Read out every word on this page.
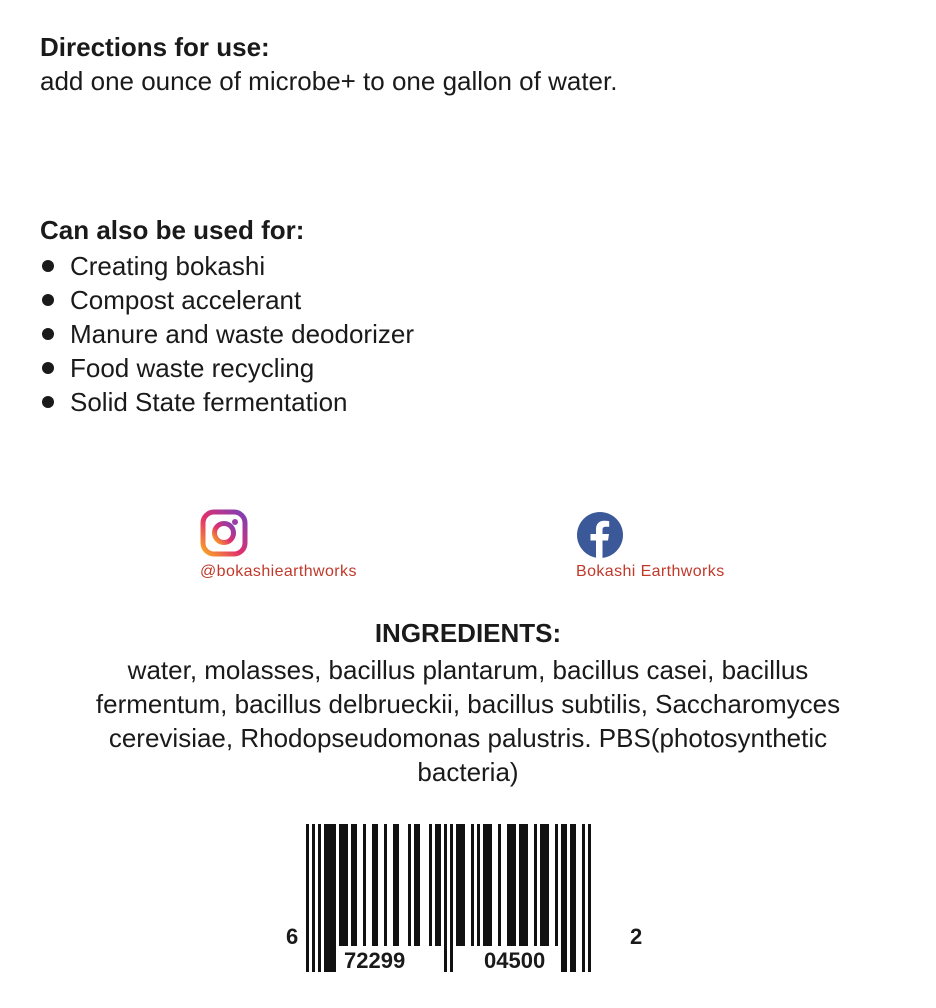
Directions for use:
add one ounce of microbe+ to one gallon of water.
Can also be used for:
Creating bokashi
Compost accelerant
Manure and waste deodorizer
Food waste recycling
Solid State fermentation
@bokashiearthworks	Bokashi Earthworks
INGREDIENTS:
water, molasses, bacillus plantarum, bacillus casei, bacillus fermentum, bacillus delbrueckii, bacillus subtilis, Saccharomyces cerevisiae, Rhodopseudomonas palustris. PBS(photosynthetic bacteria)
6
72299	04500
2
